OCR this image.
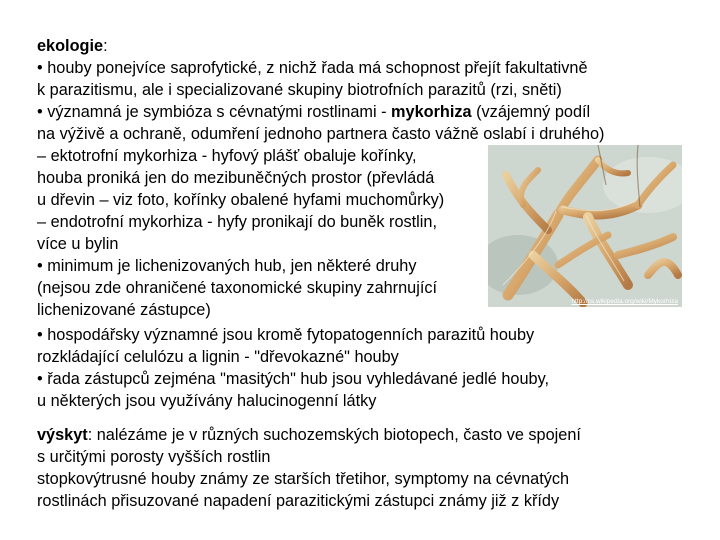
ekologie:
• houby ponejvíce saprofytické, z nichž řada má schopnost přejít fakultativně
k parazitismu, ale i specializované skupiny biotrofních parazitů (rzi, sněti)
• významná je symbióza s cévnatými rostlinami - mykorhiza (vzájemný podíl
na výživě a ochraně, odumření jednoho partnera často vážně oslabí i druhého)
– ektotrofní mykorhiza - hyfový plášť obaluje kořínky,
houba proniká jen do mezibuněčných prostor (převládá
u dřevin – viz foto, kořínky obalené hyfami muchomůrky)
– endotrofní mykorhiza - hyfy pronikají do buněk rostlin,
více u bylin
• minimum je lichenizovaných hub, jen některé druhy
(nejsou zde ohraničené taxonomické skupiny zahrnující
lichenizované zástupce)
• hospodářsky významné jsou kromě fytopatogenních parazitů houby
rozkládající celulózu a lignin - "dřevokazné" houby
• řada zástupců zejména "masitých" hub jsou vyhledávané jedlé houby,
u některých jsou využívány halucinogenní látky
http://cs.wikipedia.org/wiki/Mykorhiza
výskyt: nalézáme je v různých suchozemských biotopech, často ve spojení
s určitými porosty vyšších rostlin
stopkovýtrusné houby známy ze starších třetihor, symptomy na cévnatých
rostlinách přisuzované napadení parazitickými zástupci známy již z křídy
